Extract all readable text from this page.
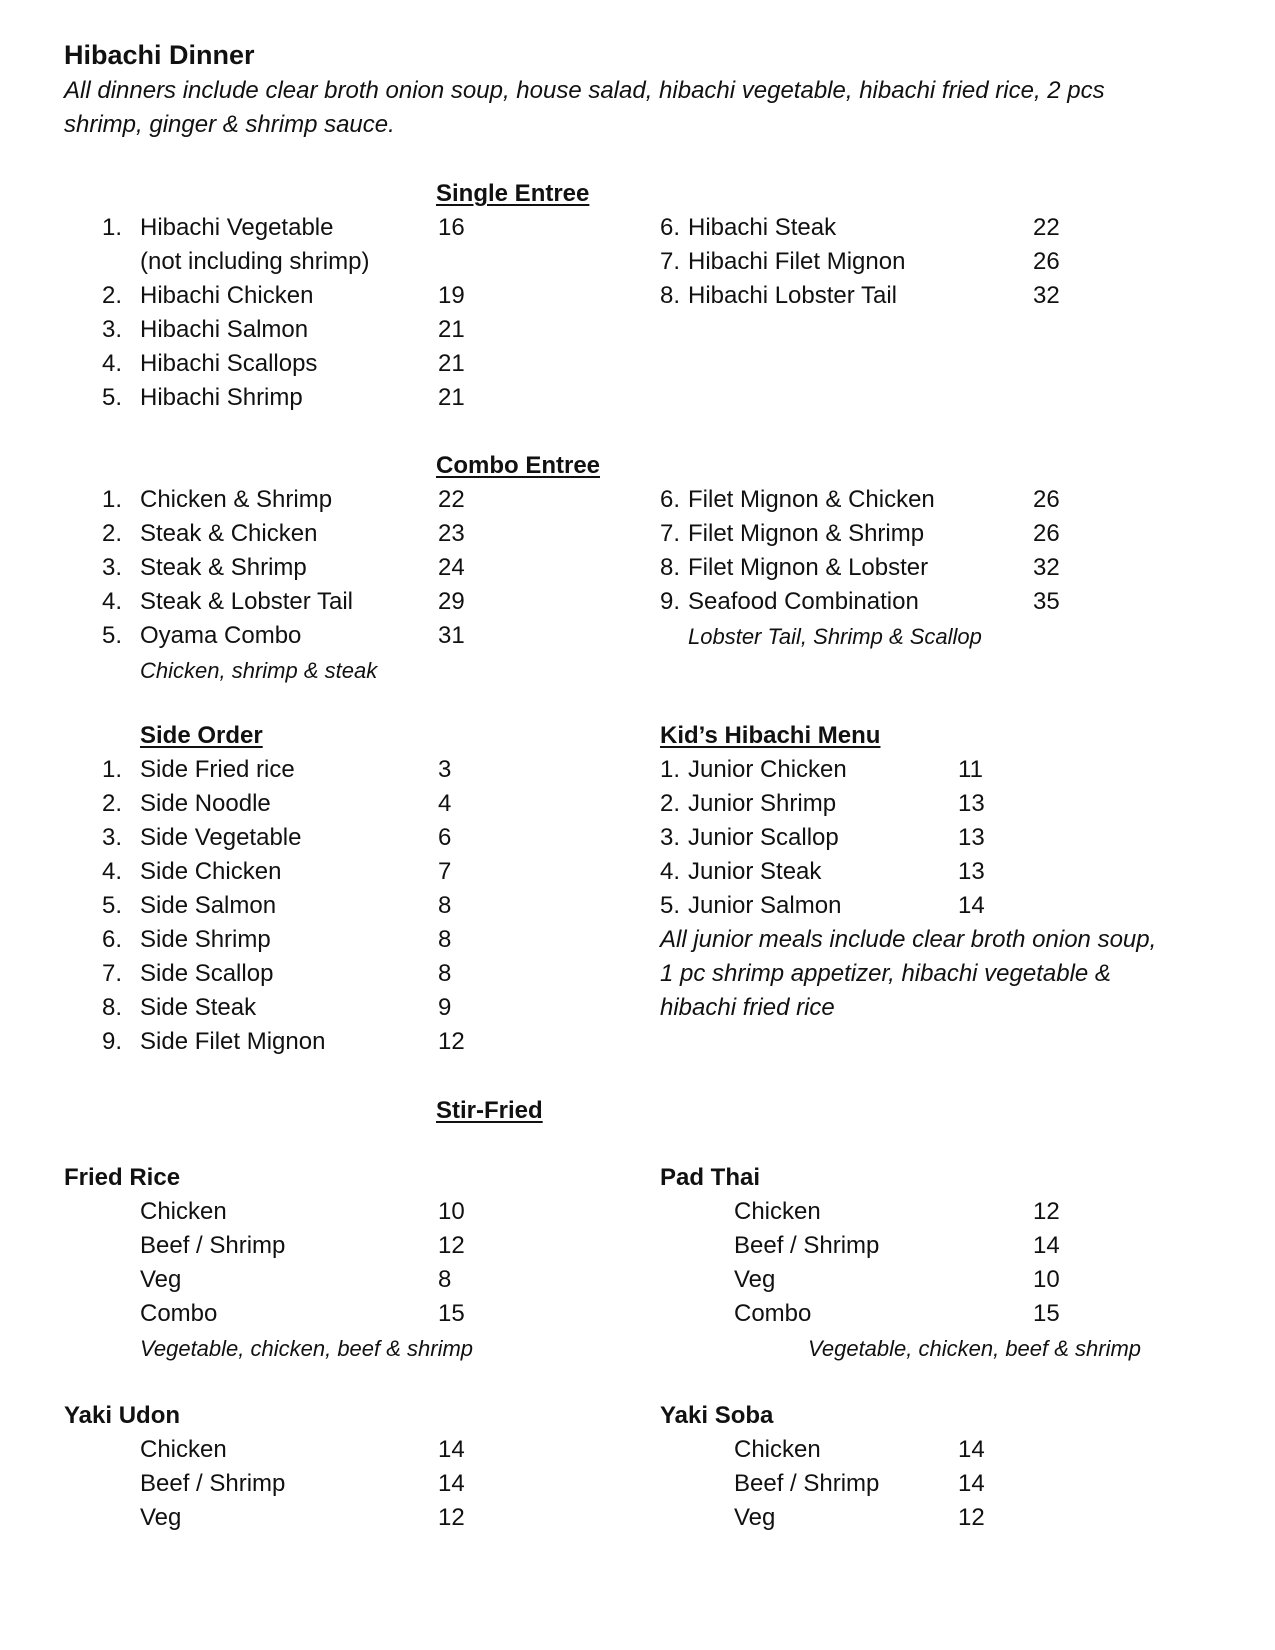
Hibachi Dinner
All dinners include clear broth onion soup, house salad, hibachi vegetable, hibachi fried rice, 2 pcs
shrimp, ginger & shrimp sauce.
Single Entree
1. Hibachi Vegetable	16
(not including shrimp)
2. Hibachi Chicken	19
3. Hibachi Salmon	21
4. Hibachi Scallops	21
5. Hibachi Shrimp	21
6. Hibachi Steak	22
7. Hibachi Filet Mignon	26
8. Hibachi Lobster Tail	32
Combo Entree
1. Chicken & Shrimp	22
2. Steak & Chicken	23
3. Steak & Shrimp	24
4. Steak & Lobster Tail	29
5. Oyama Combo	31
Chicken, shrimp & steak
6. Filet Mignon & Chicken	26
7. Filet Mignon & Shrimp	26
8. Filet Mignon & Lobster	32
9. Seafood Combination	35
Lobster Tail, Shrimp & Scallop
Side Order
1. Side Fried rice	3
2. Side Noodle	4
3. Side Vegetable	6
4. Side Chicken	7
5. Side Salmon	8
6. Side Shrimp	8
7. Side Scallop	8
8. Side Steak	9
9. Side Filet Mignon	12
Kid’s Hibachi Menu
1. Junior Chicken	11
2. Junior Shrimp	13
3. Junior Scallop	13
4. Junior Steak	13
5. Junior Salmon	14
All junior meals include clear broth onion soup,
1 pc shrimp appetizer, hibachi vegetable &
hibachi fried rice
Stir-Fried
Fried Rice
Chicken	10
Beef / Shrimp	12
Veg	8
Combo	15
Vegetable, chicken, beef & shrimp
Pad Thai
Chicken	12
Beef / Shrimp	14
Veg	10
Combo	15
Vegetable, chicken, beef & shrimp
Yaki Udon
Chicken	14
Beef / Shrimp	14
Veg	12
Yaki Soba
Chicken	14
Beef / Shrimp	14
Veg	12
